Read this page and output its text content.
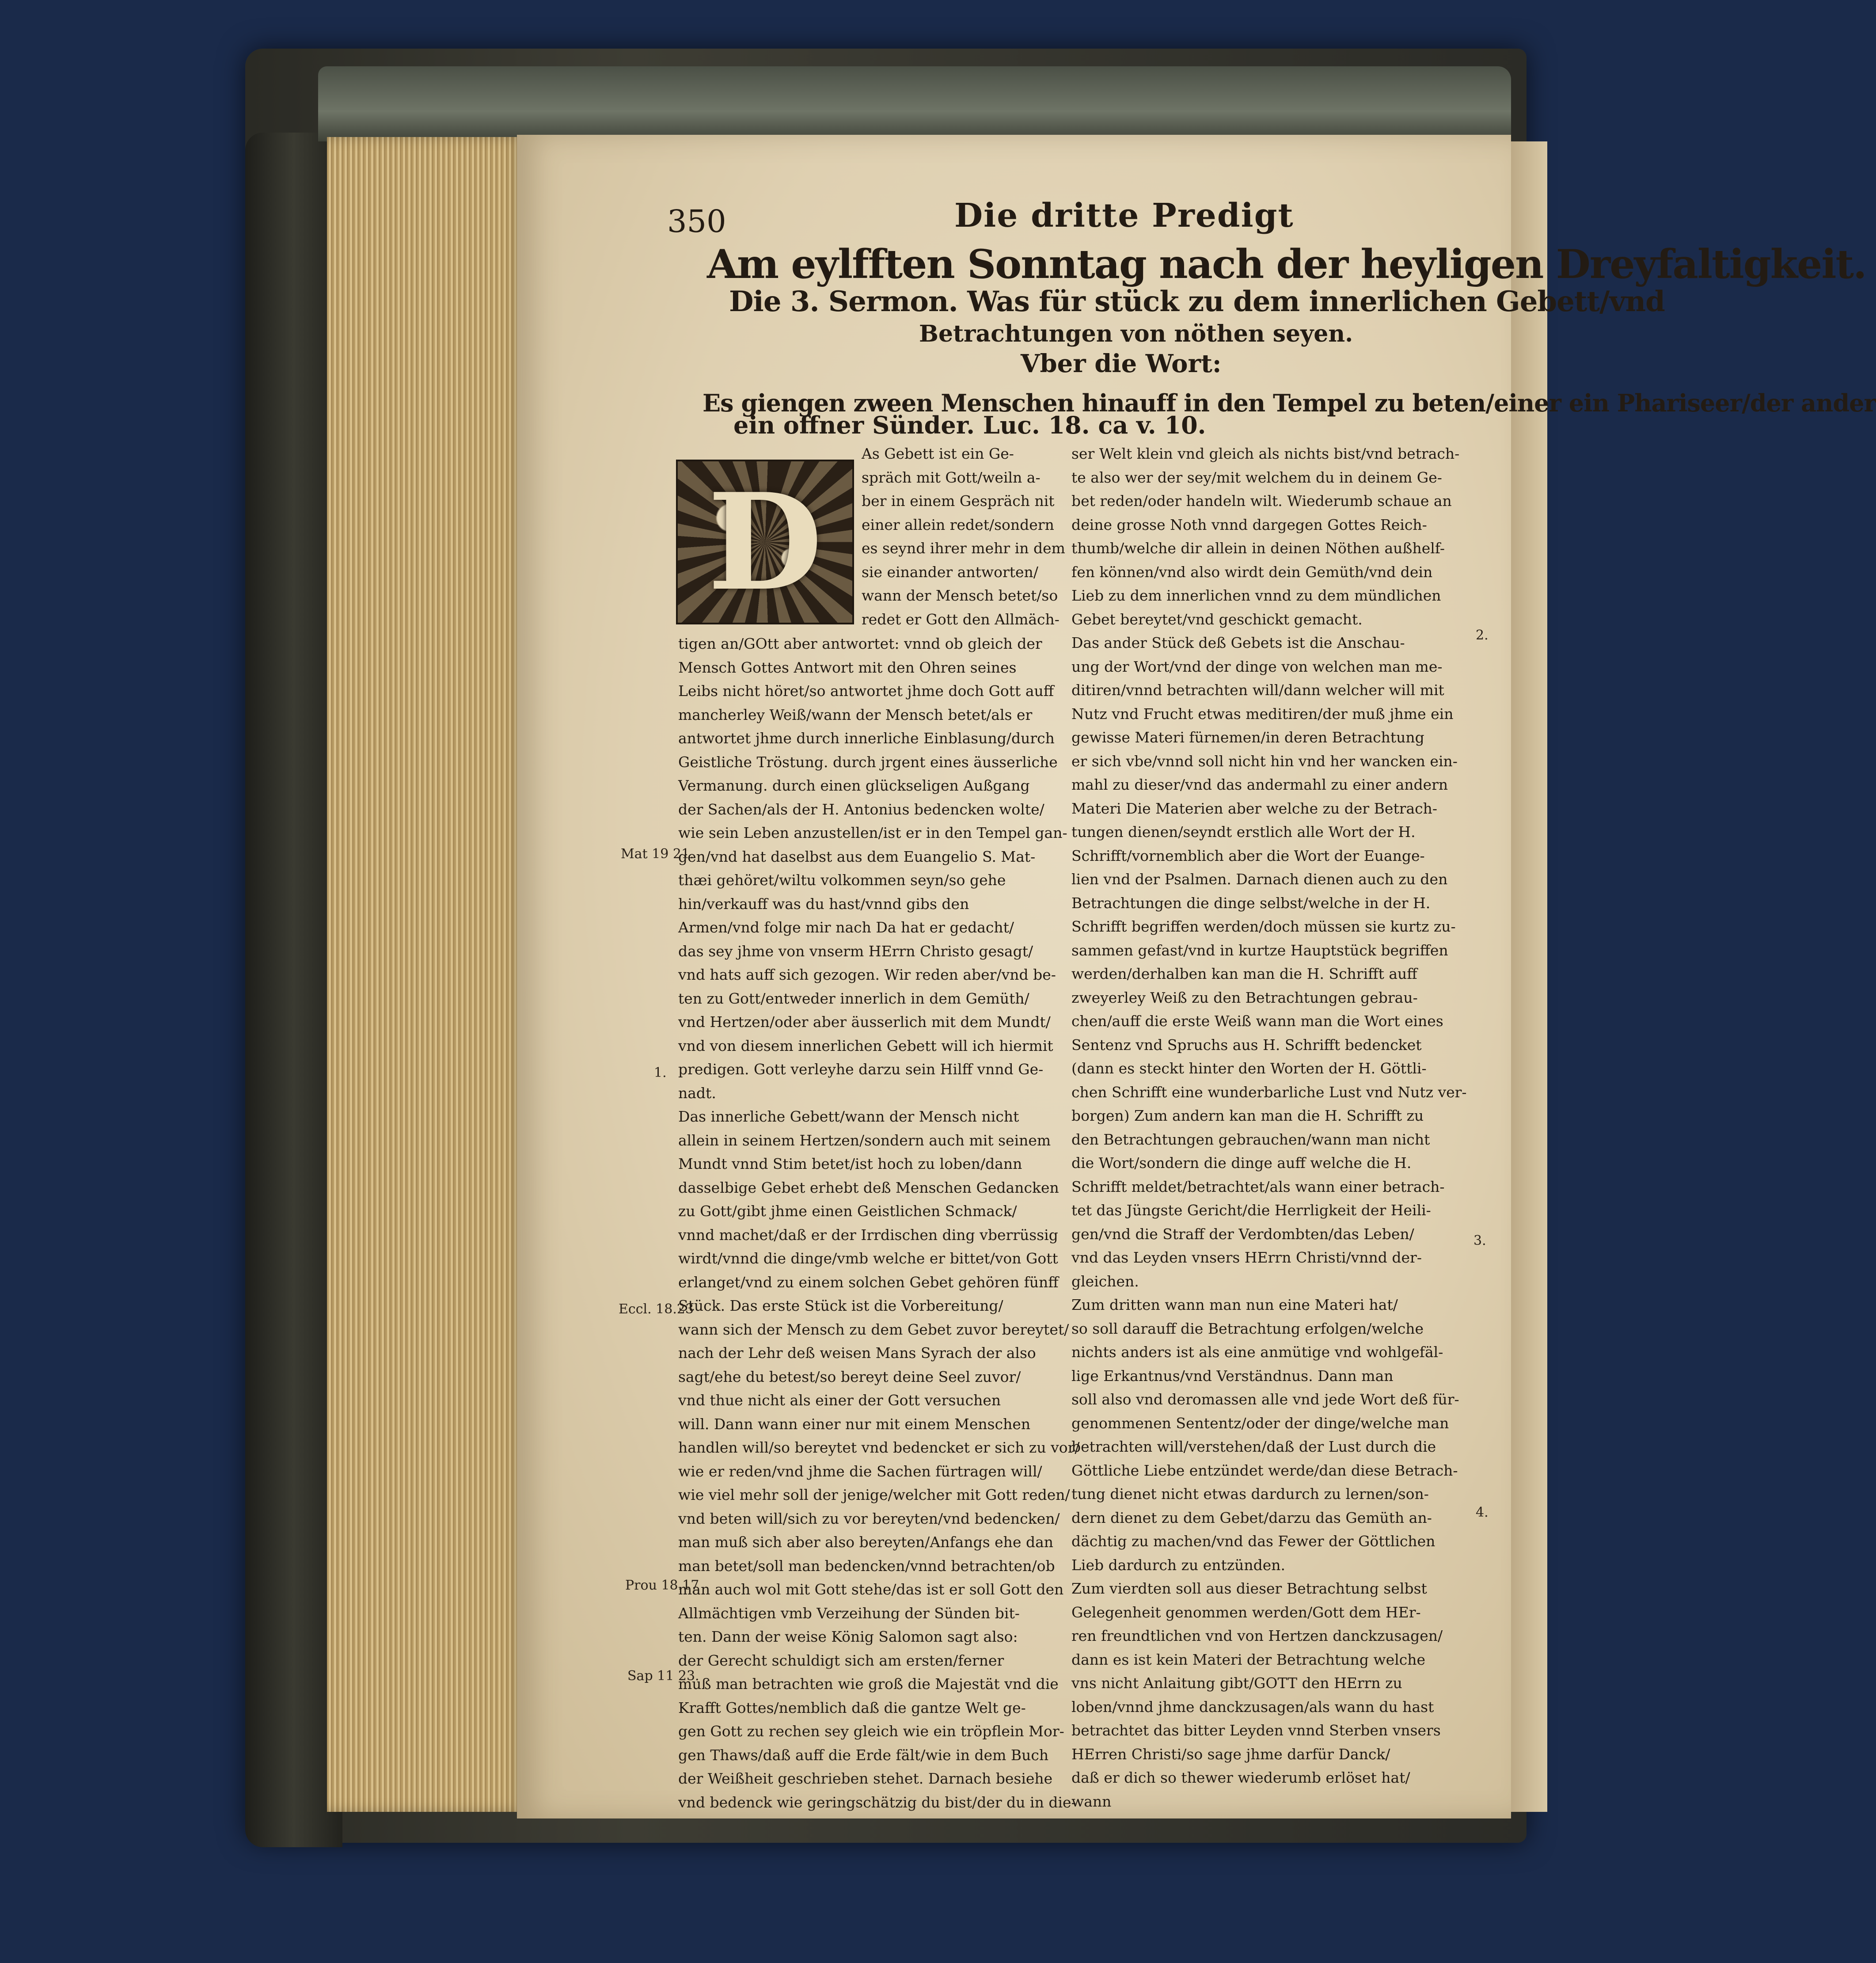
350	Die dritte Predigt
Am eylfften Sonntag nach der heyligen Dreyfaltigkeit.
Die 3. Sermon. Was für stück zu dem innerlichen Gebett/vnd
Betrachtungen von nöthen seyen.
Vber die Wort:
Es giengen zween Menschen hinauff in den Tempel zu beten/einer ein Phariseer/der ander
ein offner Sünder. Luc. 18. ca v. 10.
D
As Gebett ist ein Ge-
spräch mit Gott/weiln a-
ber in einem Gespräch nit
einer allein redet/sondern
es seynd ihrer mehr in dem
sie einander antworten/
wann der Mensch betet/so
redet er Gott den Allmäch-
tigen an/GOtt aber antwortet: vnnd ob gleich der
Mensch Gottes Antwort mit den Ohren seines
Leibs nicht höret/so antwortet jhme doch Gott auff
mancherley Weiß/wann der Mensch betet/als er
antwortet jhme durch innerliche Einblasung/durch
Geistliche Tröstung. durch jrgent eines äusserliche
Vermanung. durch einen glückseligen Außgang
der Sachen/als der H. Antonius bedencken wolte/
wie sein Leben anzustellen/ist er in den Tempel gan-
gen/vnd hat daselbst aus dem Euangelio S. Mat-
thæi gehöret/wiltu volkommen seyn/so gehe
hin/verkauff was du hast/vnnd gibs den
Armen/vnd folge mir nach Da hat er gedacht/
das sey jhme von vnserm HErrn Christo gesagt/
vnd hats auff sich gezogen. Wir reden aber/vnd be-
ten zu Gott/entweder innerlich in dem Gemüth/
vnd Hertzen/oder aber äusserlich mit dem Mundt/
vnd von diesem innerlichen Gebett will ich hiermit
predigen. Gott verleyhe darzu sein Hilff vnnd Ge-
nadt.
Das innerliche Gebett/wann der Mensch nicht
allein in seinem Hertzen/sondern auch mit seinem
Mundt vnnd Stim betet/ist hoch zu loben/dann
dasselbige Gebet erhebt deß Menschen Gedancken
zu Gott/gibt jhme einen Geistlichen Schmack/
vnnd machet/daß er der Irrdischen ding vberrüssig
wirdt/vnnd die dinge/vmb welche er bittet/von Gott
erlanget/vnd zu einem solchen Gebet gehören fünff
Stück. Das erste Stück ist die Vorbereitung/
wann sich der Mensch zu dem Gebet zuvor bereytet/
nach der Lehr deß weisen Mans Syrach der also
sagt/ehe du betest/so bereyt deine Seel zuvor/
vnd thue nicht als einer der Gott versuchen
will. Dann wann einer nur mit einem Menschen
handlen will/so bereytet vnd bedencket er sich zu vor/
wie er reden/vnd jhme die Sachen fürtragen will/
wie viel mehr soll der jenige/welcher mit Gott reden/
vnd beten will/sich zu vor bereyten/vnd bedencken/
man muß sich aber also bereyten/Anfangs ehe dan
man betet/soll man bedencken/vnnd betrachten/ob
man auch wol mit Gott stehe/das ist er soll Gott den
Allmächtigen vmb Verzeihung der Sünden bit-
ten. Dann der weise König Salomon sagt also:
der Gerecht schuldigt sich am ersten/ferner
muß man betrachten wie groß die Majestät vnd die
Krafft Gottes/nemblich daß die gantze Welt ge-
gen Gott zu rechen sey gleich wie ein tröpflein Mor-
gen Thaws/daß auff die Erde fält/wie in dem Buch
der Weißheit geschrieben stehet. Darnach besiehe
vnd bedenck wie geringschätzig du bist/der du in die-
ser Welt klein vnd gleich als nichts bist/vnd betrach-
te also wer der sey/mit welchem du in deinem Ge-
bet reden/oder handeln wilt. Wiederumb schaue an
deine grosse Noth vnnd dargegen Gottes Reich-
thumb/welche dir allein in deinen Nöthen außhelf-
fen können/vnd also wirdt dein Gemüth/vnd dein
Lieb zu dem innerlichen vnnd zu dem mündlichen
Gebet bereytet/vnd geschickt gemacht.
Das ander Stück deß Gebets ist die Anschau-
ung der Wort/vnd der dinge von welchen man me-
ditiren/vnnd betrachten will/dann welcher will mit
Nutz vnd Frucht etwas meditiren/der muß jhme ein
gewisse Materi fürnemen/in deren Betrachtung
er sich vbe/vnnd soll nicht hin vnd her wancken ein-
mahl zu dieser/vnd das andermahl zu einer andern
Materi Die Materien aber welche zu der Betrach-
tungen dienen/seyndt erstlich alle Wort der H.
Schrifft/vornemblich aber die Wort der Euange-
lien vnd der Psalmen. Darnach dienen auch zu den
Betrachtungen die dinge selbst/welche in der H.
Schrifft begriffen werden/doch müssen sie kurtz zu-
sammen gefast/vnd in kurtze Hauptstück begriffen
werden/derhalben kan man die H. Schrifft auff
zweyerley Weiß zu den Betrachtungen gebrau-
chen/auff die erste Weiß wann man die Wort eines
Sentenz vnd Spruchs aus H. Schrifft bedencket
(dann es steckt hinter den Worten der H. Göttli-
chen Schrifft eine wunderbarliche Lust vnd Nutz ver-
borgen) Zum andern kan man die H. Schrifft zu
den Betrachtungen gebrauchen/wann man nicht
die Wort/sondern die dinge auff welche die H.
Schrifft meldet/betrachtet/als wann einer betrach-
tet das Jüngste Gericht/die Herrligkeit der Heili-
gen/vnd die Straff der Verdombten/das Leben/
vnd das Leyden vnsers HErrn Christi/vnnd der-
gleichen.
Zum dritten wann man nun eine Materi hat/
so soll darauff die Betrachtung erfolgen/welche
nichts anders ist als eine anmütige vnd wohlgefäl-
lige Erkantnus/vnd Verständnus. Dann man
soll also vnd deromassen alle vnd jede Wort deß für-
genommenen Sententz/oder der dinge/welche man
betrachten will/verstehen/daß der Lust durch die
Göttliche Liebe entzündet werde/dan diese Betrach-
tung dienet nicht etwas dardurch zu lernen/son-
dern dienet zu dem Gebet/darzu das Gemüth an-
dächtig zu machen/vnd das Fewer der Göttlichen
Lieb dardurch zu entzünden.
Zum vierdten soll aus dieser Betrachtung selbst
Gelegenheit genommen werden/Gott dem HEr-
ren freundtlichen vnd von Hertzen danckzusagen/
dann es ist kein Materi der Betrachtung welche
vns nicht Anlaitung gibt/GOTT den HErrn zu
loben/vnnd jhme danckzusagen/als wann du hast
betrachtet das bitter Leyden vnnd Sterben vnsers
HErren Christi/so sage jhme darfür Danck/
daß er dich so thewer wiederumb erlöset hat/
wann
Mat 19 21.
Eccl. 18.23
Prou 18.17
Sap 11 23.
1.
2.
3.
4.
